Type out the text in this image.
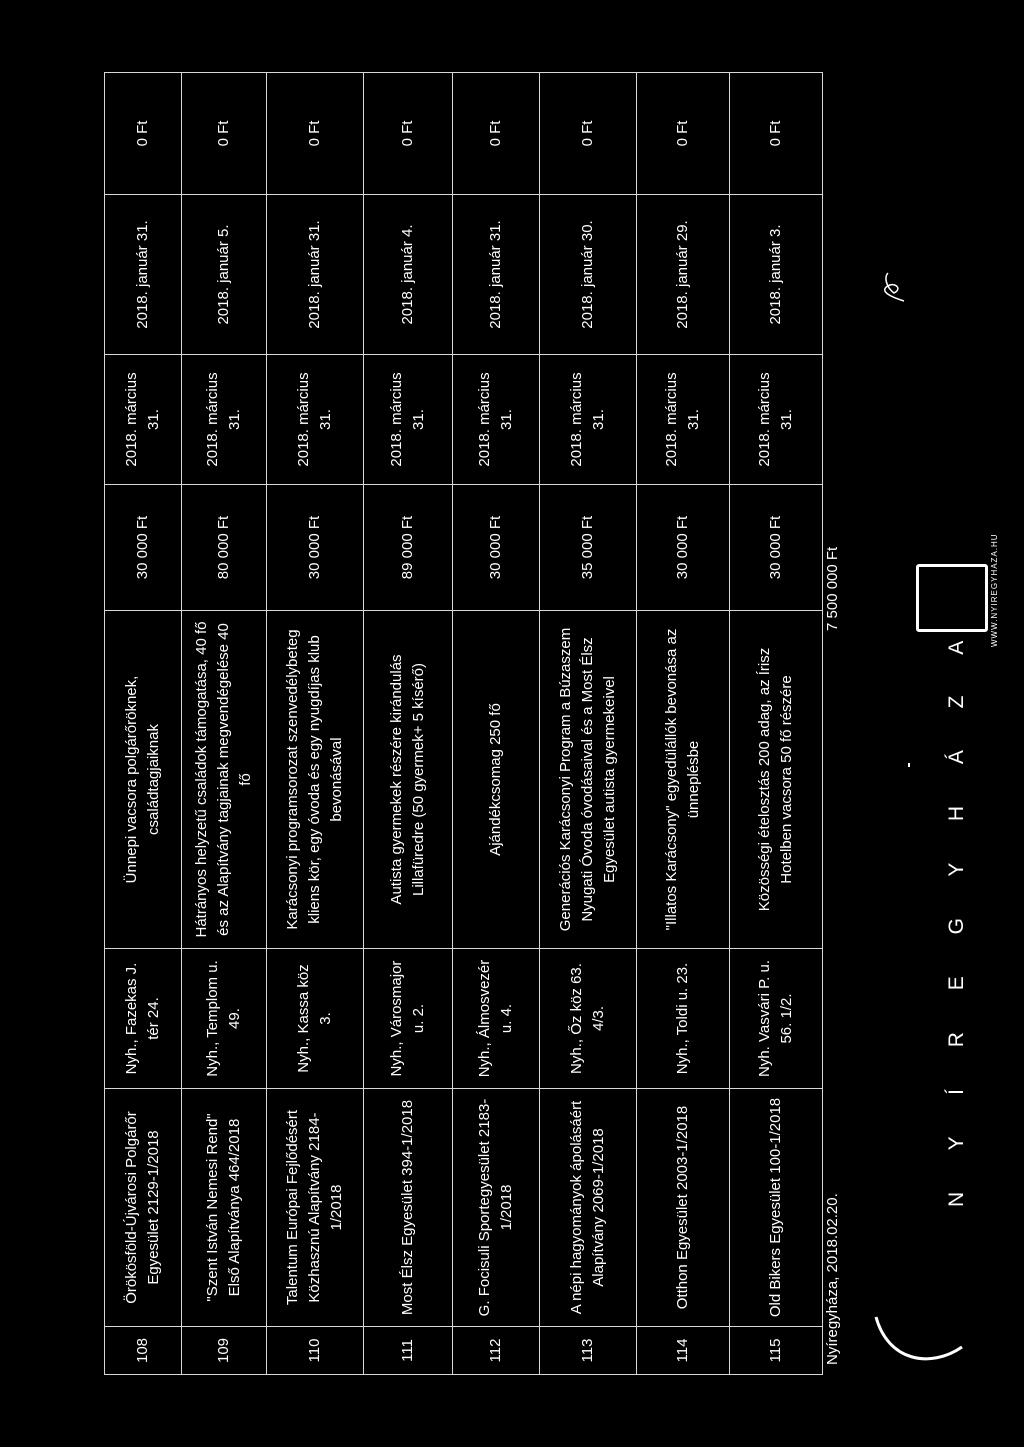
108	Örökösföld-Újvárosi Polgárőr Egyesület 2129-1/2018	Nyh., Fazekas J. tér 24.	Ünnepi vacsora polgárőröknek, családtagjaiknak	30 000 Ft	2018. március 31.	2018. január 31.	0 Ft
109	"Szent István Nemesi Rend" Első Alapítványa 464/2018	Nyh., Templom u. 49.	Hátrányos helyzetű családok támogatása, 40 fő és az Alapítvány tagjainak megvendégelése 40 fő	80 000 Ft	2018. március 31.	2018. január 5.	0 Ft
110	Talentum Európai Fejlődésért Közhasznú Alapítvány 2184-1/2018	Nyh., Kassa köz 3.	Karácsonyi programsorozat szenvedélybeteg kliens kör, egy óvoda és egy nyugdíjas klub bevonásával	30 000 Ft	2018. március 31.	2018. január 31.	0 Ft
111	Most Élsz Egyesület 394-1/2018	Nyh., Városmajor u. 2.	Autista gyermekek részére kirándulás Lillafüredre (50 gyermek+ 5 kísérő)	89 000 Ft	2018. március 31.	2018. január 4.	0 Ft
112	G. Focisuli Sportegyesület 2183-1/2018	Nyh., Álmosvezér u. 4.	Ajándékcsomag 250 fő	30 000 Ft	2018. március 31.	2018. január 31.	0 Ft
113	A népi hagyományok ápolásáért Alapítvány 2069-1/2018	Nyh., Őz köz 63. 4/3.	Generációs Karácsonyi Program a Búzaszem Nyugati Óvoda óvodásaival és a Most Élsz Egyesület autista gyermekeivel	35 000 Ft	2018. március 31.	2018. január 30.	0 Ft
114	Otthon Egyesület 2003-1/2018	Nyh., Toldi u. 23.	"Illatos Karácsony" egyedülállók bevonása az ünneplésbe	30 000 Ft	2018. március 31.	2018. január 29.	0 Ft
115	Old Bikers Egyesület 100-1/2018	Nyh. Vasvári P. u. 56. 1/2.	Közösségi ételosztás 200 adag, az Írisz Hotelben vacsora 50 fő részére	30 000 Ft	2018. március 31.	2018. január 3.	0 Ft
Nyíregyháza, 2018.02.20.
7 500 000 Ft
N Y Í R E G Y H Á Z A
WWW.NYIREGYHAZA.HU
